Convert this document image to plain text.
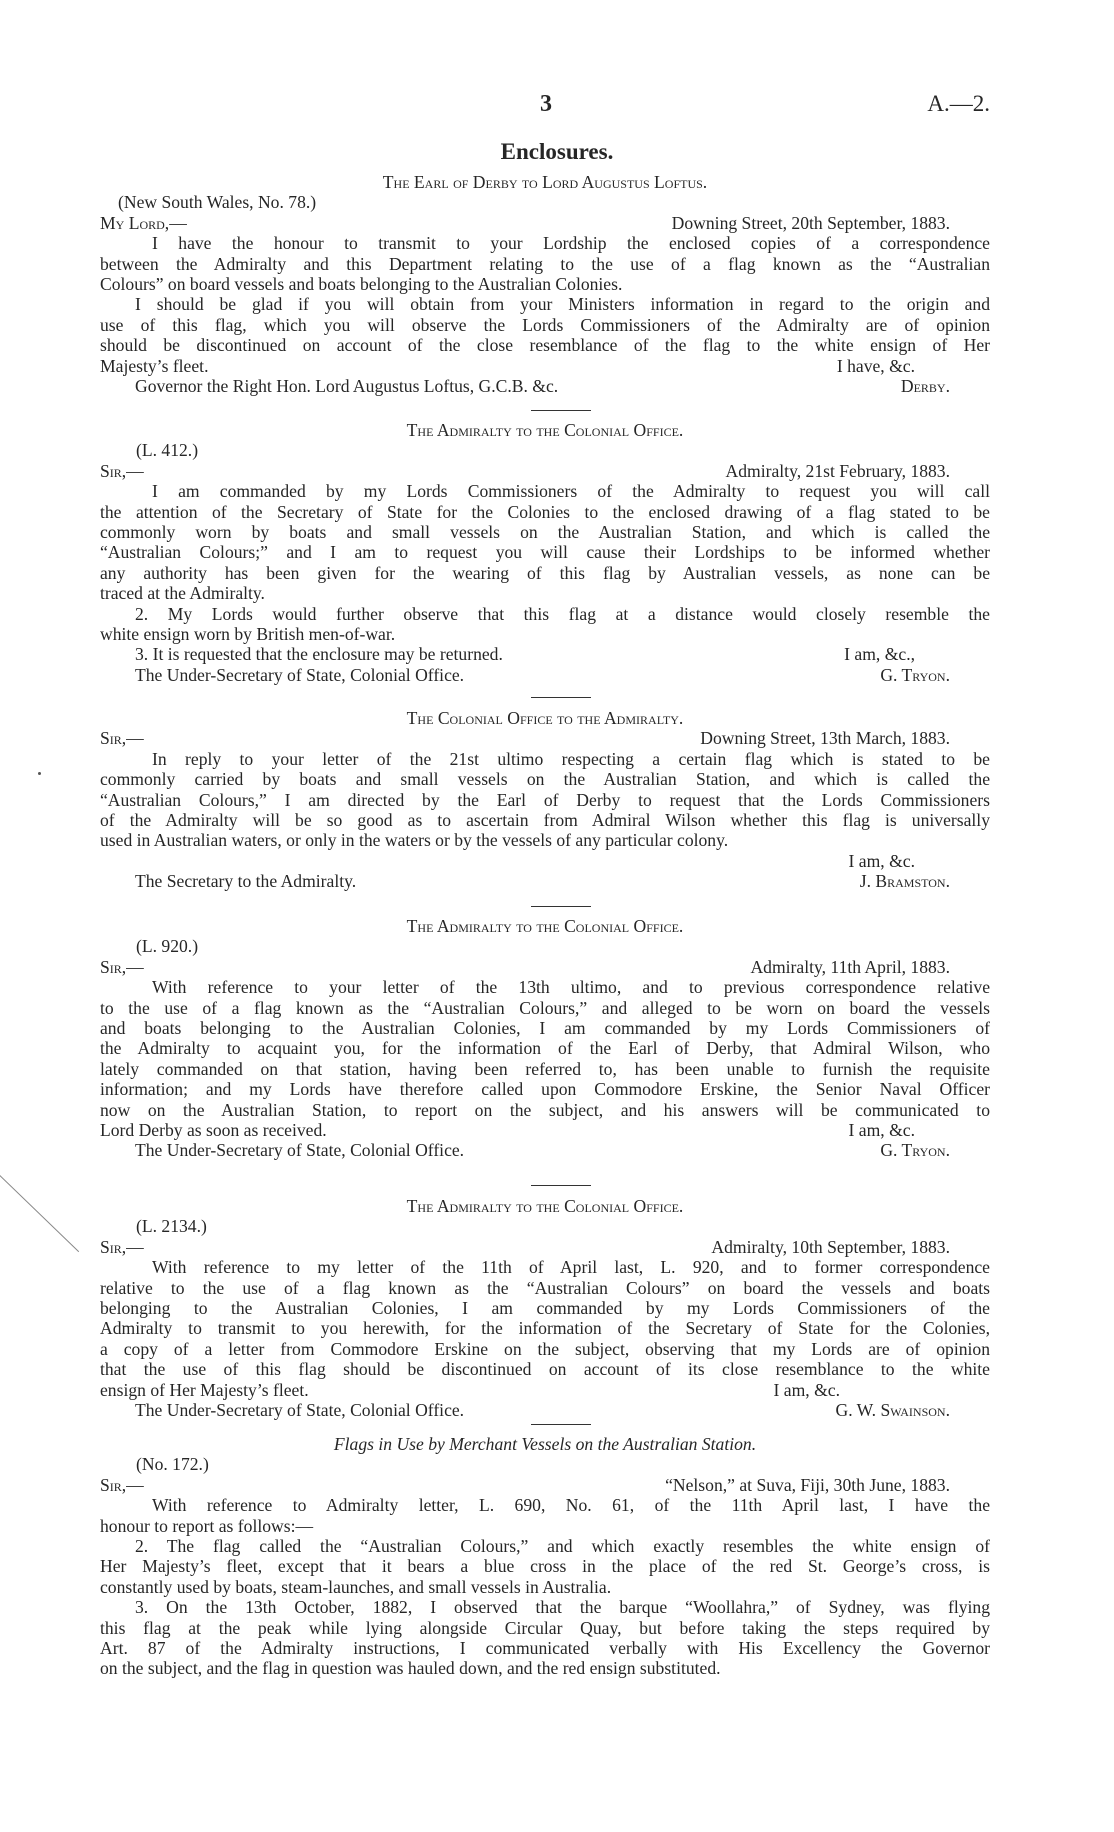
3	A.—2.
Enclosures.
The Earl of Derby to Lord Augustus Loftus.
(New South Wales, No. 78.)
My Lord,—	Downing Street, 20th September, 1883.
I have the honour to transmit to your Lordship the enclosed copies of a correspondence
between the Admiralty and this Department relating to the use of a flag known as the “Australian
Colours” on board vessels and boats belonging to the Australian Colonies.
I should be glad if you will obtain from your Ministers information in regard to the origin and
use of this flag, which you will observe the Lords Commissioners of the Admiralty are of opinion
should be discontinued on account of the close resemblance of the flag to the white ensign of Her
Majesty’s fleet.	I have, &c.
Governor the Right Hon. Lord Augustus Loftus, G.C.B. &c.	Derby.
The Admiralty to the Colonial Office.
(L. 412.)
Sir,—	Admiralty, 21st February, 1883.
I am commanded by my Lords Commissioners of the Admiralty to request you will call
the attention of the Secretary of State for the Colonies to the enclosed drawing of a flag stated to be
commonly worn by boats and small vessels on the Australian Station, and which is called the
“Australian Colours;” and I am to request you will cause their Lordships to be informed whether
any authority has been given for the wearing of this flag by Australian vessels, as none can be
traced at the Admiralty.
2. My Lords would further observe that this flag at a distance would closely resemble the
white ensign worn by British men-of-war.
3. It is requested that the enclosure may be returned.	I am, &c.,
The Under-Secretary of State, Colonial Office.	G. Tryon.
The Colonial Office to the Admiralty.
Sir,—	Downing Street, 13th March, 1883.
In reply to your letter of the 21st ultimo respecting a certain flag which is stated to be
commonly carried by boats and small vessels on the Australian Station, and which is called the
“Australian Colours,” I am directed by the Earl of Derby to request that the Lords Commissioners
of the Admiralty will be so good as to ascertain from Admiral Wilson whether this flag is universally
used in Australian waters, or only in the waters or by the vessels of any particular colony.
I am, &c.
The Secretary to the Admiralty.	J. Bramston.
The Admiralty to the Colonial Office.
(L. 920.)
Sir,—	Admiralty, 11th April, 1883.
With reference to your letter of the 13th ultimo, and to previous correspondence relative
to the use of a flag known as the “Australian Colours,” and alleged to be worn on board the vessels
and boats belonging to the Australian Colonies, I am commanded by my Lords Commissioners of
the Admiralty to acquaint you, for the information of the Earl of Derby, that Admiral Wilson, who
lately commanded on that station, having been referred to, has been unable to furnish the requisite
information; and my Lords have therefore called upon Commodore Erskine, the Senior Naval Officer
now on the Australian Station, to report on the subject, and his answers will be communicated to
Lord Derby as soon as received.	I am, &c.
The Under-Secretary of State, Colonial Office.	G. Tryon.
The Admiralty to the Colonial Office.
(L. 2134.)
Sir,—	Admiralty, 10th September, 1883.
With reference to my letter of the 11th of April last, L. 920, and to former correspondence
relative to the use of a flag known as the “Australian Colours” on board the vessels and boats
belonging to the Australian Colonies, I am commanded by my Lords Commissioners of the
Admiralty to transmit to you herewith, for the information of the Secretary of State for the Colonies,
a copy of a letter from Commodore Erskine on the subject, observing that my Lords are of opinion
that the use of this flag should be discontinued on account of its close resemblance to the white
ensign of Her Majesty’s fleet.	I am, &c.
The Under-Secretary of State, Colonial Office.	G. W. Swainson.
Flags in Use by Merchant Vessels on the Australian Station.
(No. 172.)
Sir,—	“Nelson,” at Suva, Fiji, 30th June, 1883.
With reference to Admiralty letter, L. 690, No. 61, of the 11th April last, I have the
honour to report as follows:—
2. The flag called the “Australian Colours,” and which exactly resembles the white ensign of
Her Majesty’s fleet, except that it bears a blue cross in the place of the red St. George’s cross, is
constantly used by boats, steam-launches, and small vessels in Australia.
3. On the 13th October, 1882, I observed that the barque “Woollahra,” of Sydney, was flying
this flag at the peak while lying alongside Circular Quay, but before taking the steps required by
Art. 87 of the Admiralty instructions, I communicated verbally with His Excellency the Governor
on the subject, and the flag in question was hauled down, and the red ensign substituted.
